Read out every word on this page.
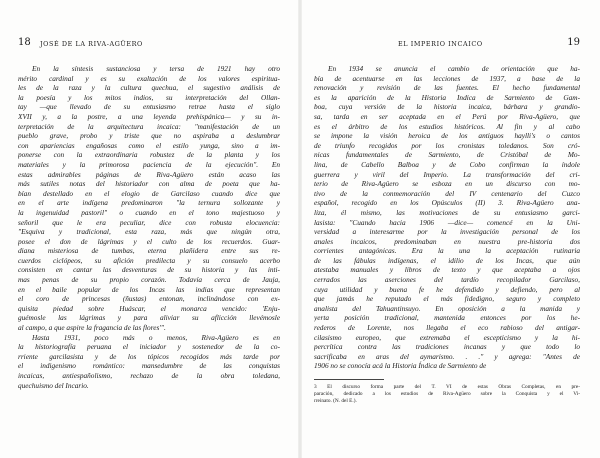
18 JOSÉ DE LA RIVA-AGÜERO
En la síntesis sustanciosa y tersa de 1921 hay otro
mérito cardinal y es su exaltación de los valores espiritua-
les de la raza y la cultura quechua, el sugestivo análisis de
la poesía y los mitos indios, su interpretación del Ollan-
tay —que llevado de su entusiasmo retrae hasta el siglo
XVII y, a la postre, a una leyenda prehispánica— y su in-
terpretación de la arquitectura incaica: "manifestación de un
pueblo grave, probo y triste que no aspiraba a deslumbrar
con apariencias engañosas como el estilo yunga, sino a im-
ponerse con la extraordinaria robustez de la planta y los
materiales y la primorosa paciencia de la ejecución". En
estas admirables páginas de Riva-Agüero están acaso las
más sutiles notas del historiador con alma de poeta que ha-
bían destellado en el elogio de Garcilaso cuando dice que
en el arte indígena predominaron "la ternura sollozante y
la ingenuidad pastoril" o cuando en el tono majestuoso y
señoril que le era peculiar, dice con robusta elocuencia:
"Esquiva y tradicional, esta raza, más que ningún otra,
posee el don de lágrimas y el culto de los recuerdos. Guar-
diana misteriosa de tumbas, eterna plañidera entre sus re-
cuerdos ciclópeos, su afición predilecta y su consuelo acerbo
consisten en cantar las desventuras de su historia y las inti-
mas penas de su propio corazón. Todavía cerca de Jauja,
en el baile popular de los Incas las indias que representan
el coro de princesas (ñustas) entonan, inclinándose con ex-
quisita piedad sobre Huáscar, el monarca vencido: 'Enju-
guémosle las lágrimas y para aliviar su aflicción llevémosle
al campo, a que aspire la fragancia de las flores'".
Hasta 1931, poco más o menos, Riva-Agüero es en
la historiografía peruana el iniciador y sostenedor de la co-
rriente garcilasista y de los tópicos recogidos más tarde por
el indigenismo romántico: mansedumbre de las conquistas
incaicas, antiespañolismo, rechazo de la obra toledana,
quechuismo del Incario.
EL IMPERIO INCAICO	19
En 1934 se anuncia el cambio de orientación que ha-
bía de acentuarse en las lecciones de 1937, a base de la
renovación y revisión de las fuentes. El hecho fundamental
es la aparición de la Historia Indica de Sarmiento de Gam-
boa, cuya versión de la historia incaica, bárbara y grandio-
sa, tarda en ser aceptada en el Perú por Riva-Agüero, que
es el árbitro de los estudios históricos. Al fin y al cabo
se impone la visión heroica de los antiguos haylli's o cantos
de triunfo recogidos por los cronistas toledanos. Son cró-
nicas fundamentales de Sarmiento, de Cristóbal de Mo-
lina, de Cabello Balboa y de Cobo confirman la índole
guerrera y viril del Imperio. La transformación del cri-
terio de Riva-Agüero se esboza en un discurso con mo-
tivo de la conmemoración del IV centenario del Cuzco
español, recogido en los Opúsculos (II) 3. Riva-Agüero ana-
liza, él mismo, las motivaciones de su entusiasmo garci-
lasista: "Cuando hacia 1906 —dice— comencé en la Uni-
versidad a interesarme por la investigación personal de los
anales incaicos, predominaban en nuestra pre-historia dos
corrientes antagónicas. Era la una la aceptación rutinaria
de las fábulas indígenas, el idilio de los Incas, que aún
atestaba manuales y libros de texto y que aceptaba a ojos
cerrados las aserciones del tardío recopilador Garcilaso,
cuya utilidad y buena fe he defendido y defiendo, pero al
que jamás he reputado el más fidedigno, seguro y completo
analista del Tahuantinsuyo. En oposición a la manida y
yerta posición tradicional, mantenida entonces por los he-
rederos de Lorente, nos llegaba el eco rabioso del antigar-
cilasismo europeo, que extremaba el escepticismo y la hi-
percrítica contra las tradiciones incanas y que todo lo
sacrificaba en aras del aymarismo. . ." y agrega: "Antes de
1906 no se conocía acá la Historia Índica de Sarmiento de
3 El discurso forma parte del T. VI de estas Obras Completas, en pre-
paración, dedicado a los estudios de Riva-Agüero sobre la Conquista y el Vi-
rreinato. (N. del E.).
